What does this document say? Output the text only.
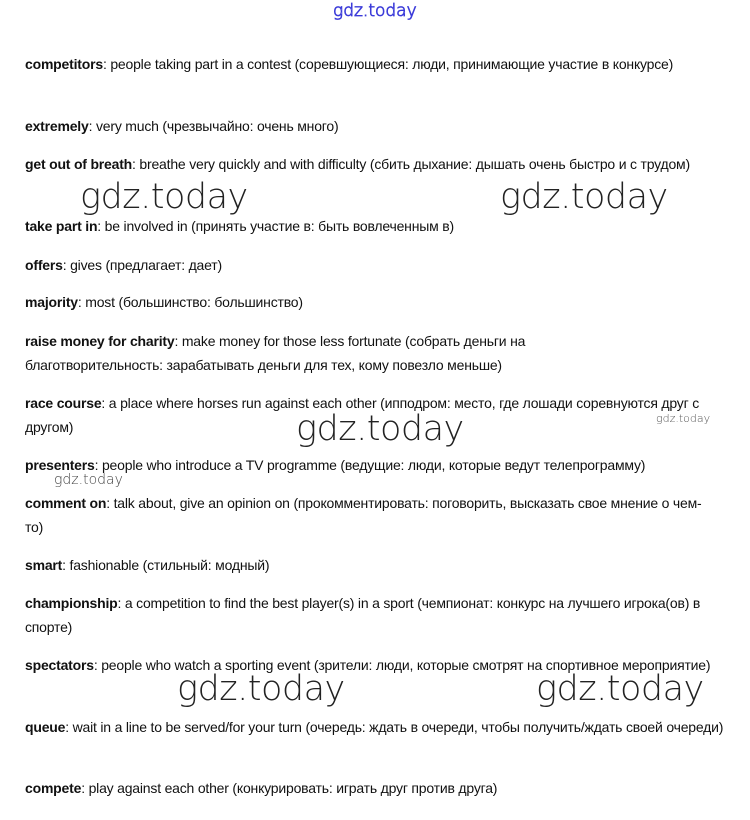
gdz.today
competitors: people taking part in a contest (соревшующиеся: люди, принимающие участие в конкурсе)
extremely: very much (чрезвычайно: очень много)
get out of breath: breathe very quickly and with difficulty (сбить дыхание: дышать очень быстро и с трудом)
take part in: be involved in (принять участие в: быть вовлеченным в)
offers: gives (предлагает: дает)
majority: most (большинство: большинство)
raise money for charity: make money for those less fortunate (собрать деньги на благотворительность: зарабатывать деньги для тех, кому повезло меньше)
race course: a place where horses run against each other (ипподром: место, где лошади соревнуются друг с другом)
presenters: people who introduce a TV programme (ведущие: люди, которые ведут телепрограмму)
comment on: talk about, give an opinion on (прокомментировать: поговорить, высказать свое мнение о чем-то)
smart: fashionable (стильный: модный)
championship: a competition to find the best player(s) in a sport (чемпионат: конкурс на лучшего игрока(ов) в спорте)
spectators: people who watch a sporting event (зрители: люди, которые смотрят на спортивное мероприятие)
queue: wait in a line to be served/for your turn (очередь: ждать в очереди, чтобы получить/ждать своей очереди)
compete: play against each other (конкурировать: играть друг против друга)
gdz.today	gdz.today
gdz.today
gdz.today	gdz.today
gdz.today
gdz.today
